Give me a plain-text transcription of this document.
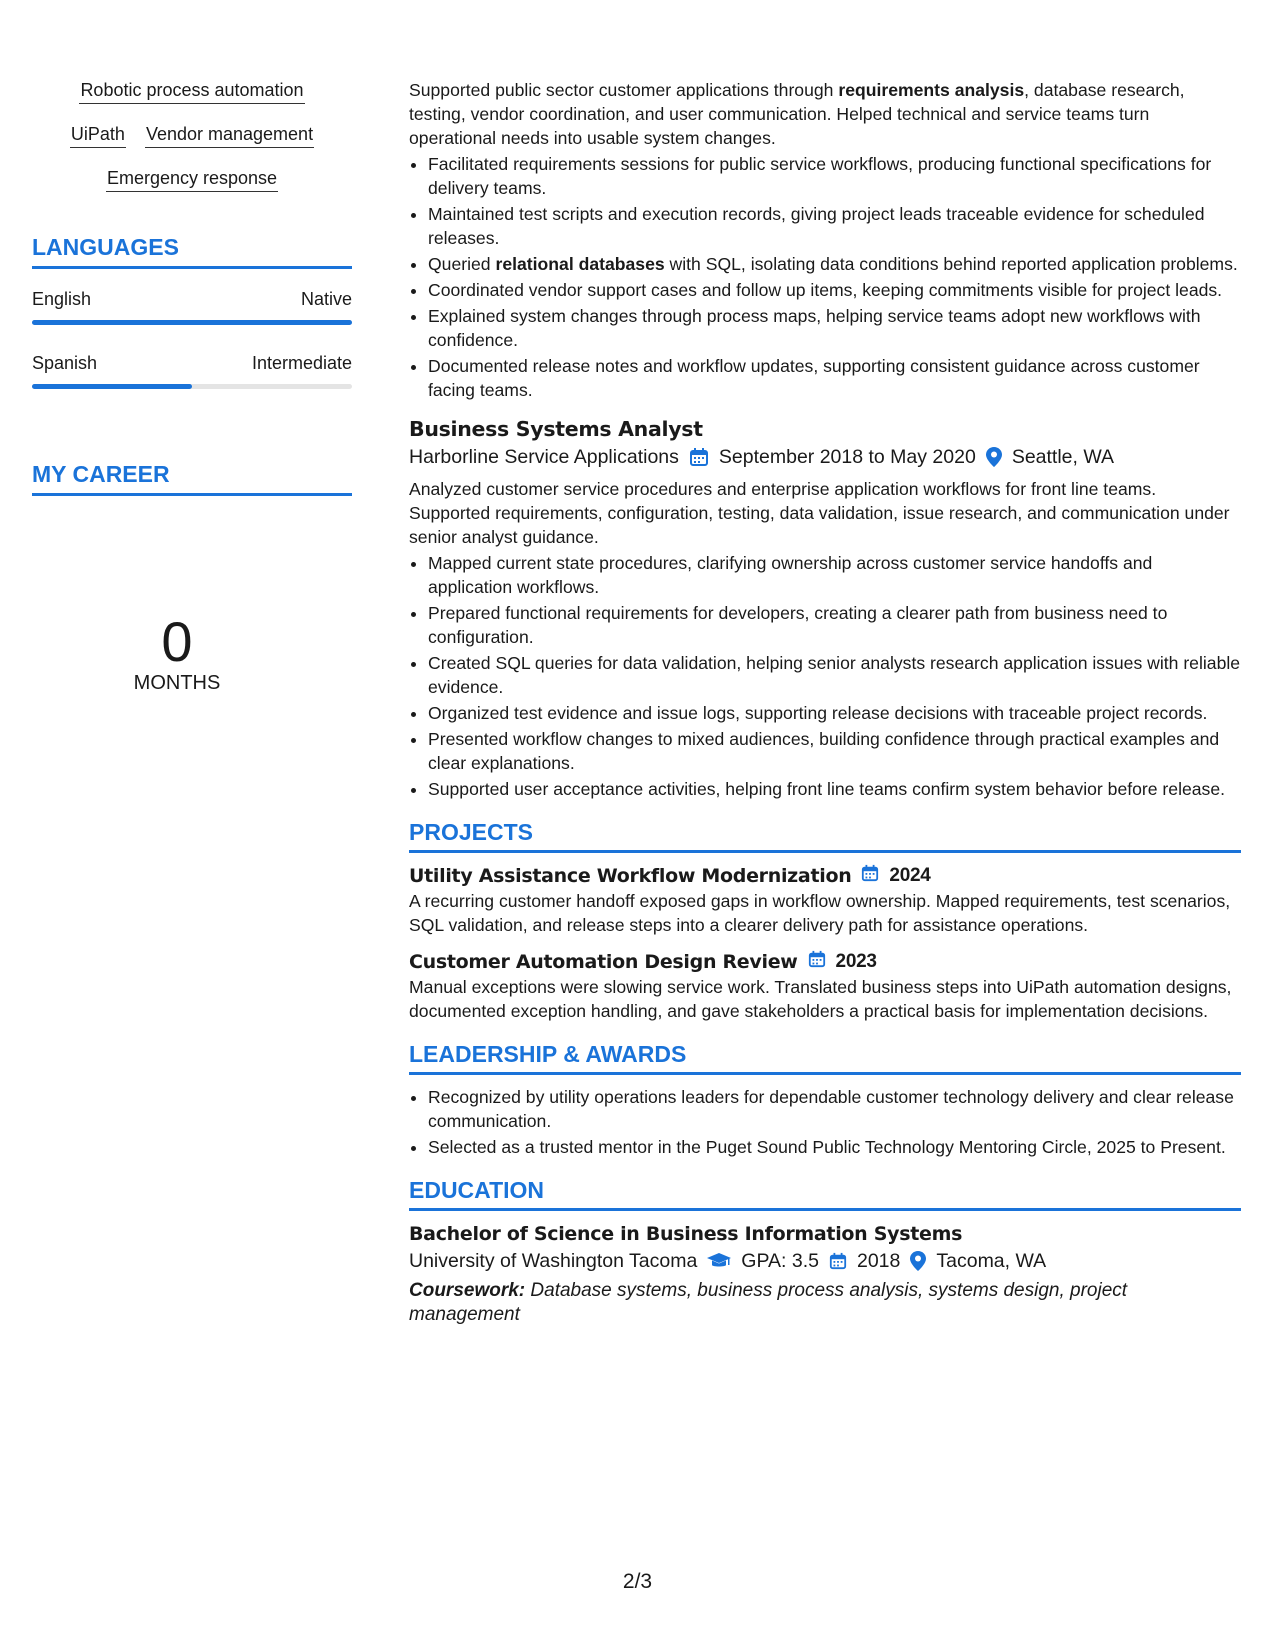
Robotic process automation
UiPath Vendor management
Emergency response
LANGUAGES
English	Native
Spanish	Intermediate
MY CAREER
0
MONTHS

Supported public sector customer applications through requirements analysis, database research, testing, vendor coordination, and user communication. Helped technical and service teams turn operational needs into usable system changes.

• Facilitated requirements sessions for public service workflows, producing functional specifications for delivery teams.
• Maintained test scripts and execution records, giving project leads traceable evidence for scheduled releases.
• Queried relational databases with SQL, isolating data conditions behind reported application problems.
• Coordinated vendor support cases and follow up items, keeping commitments visible for project leads.
• Explained system changes through process maps, helping service teams adopt new workflows with confidence.
• Documented release notes and workflow updates, supporting consistent guidance across customer facing teams.
Business Systems Analyst
Harborline Service Applications September 2018 to May 2020 Seattle, WA

Analyzed customer service procedures and enterprise application workflows for front line teams. Supported requirements, configuration, testing, data validation, issue research, and communication under senior analyst guidance.

• Mapped current state procedures, clarifying ownership across customer service handoffs and application workflows.
• Prepared functional requirements for developers, creating a clearer path from business need to configuration.
• Created SQL queries for data validation, helping senior analysts research application issues with reliable evidence.
• Organized test evidence and issue logs, supporting release decisions with traceable project records.
• Presented workflow changes to mixed audiences, building confidence through practical examples and clear explanations.
• Supported user acceptance activities, helping front line teams confirm system behavior before release.
PROJECTS
Utility Assistance Workflow Modernization 2024

A recurring customer handoff exposed gaps in workflow ownership. Mapped requirements, test scenarios, SQL validation, and release steps into a clearer delivery path for assistance operations.

Customer Automation Design Review 2023

Manual exceptions were slowing service work. Translated business steps into UiPath automation designs, documented exception handling, and gave stakeholders a practical basis for implementation decisions.

LEADERSHIP & AWARDS
• Recognized by utility operations leaders for dependable customer technology delivery and clear release communication.
• Selected as a trusted mentor in the Puget Sound Public Technology Mentoring Circle, 2025 to Present.
EDUCATION
Bachelor of Science in Business Information Systems
University of Washington Tacoma GPA: 3.5 2018 Tacoma, WA
Coursework: Database systems, business process analysis, systems design, project management
2/3
